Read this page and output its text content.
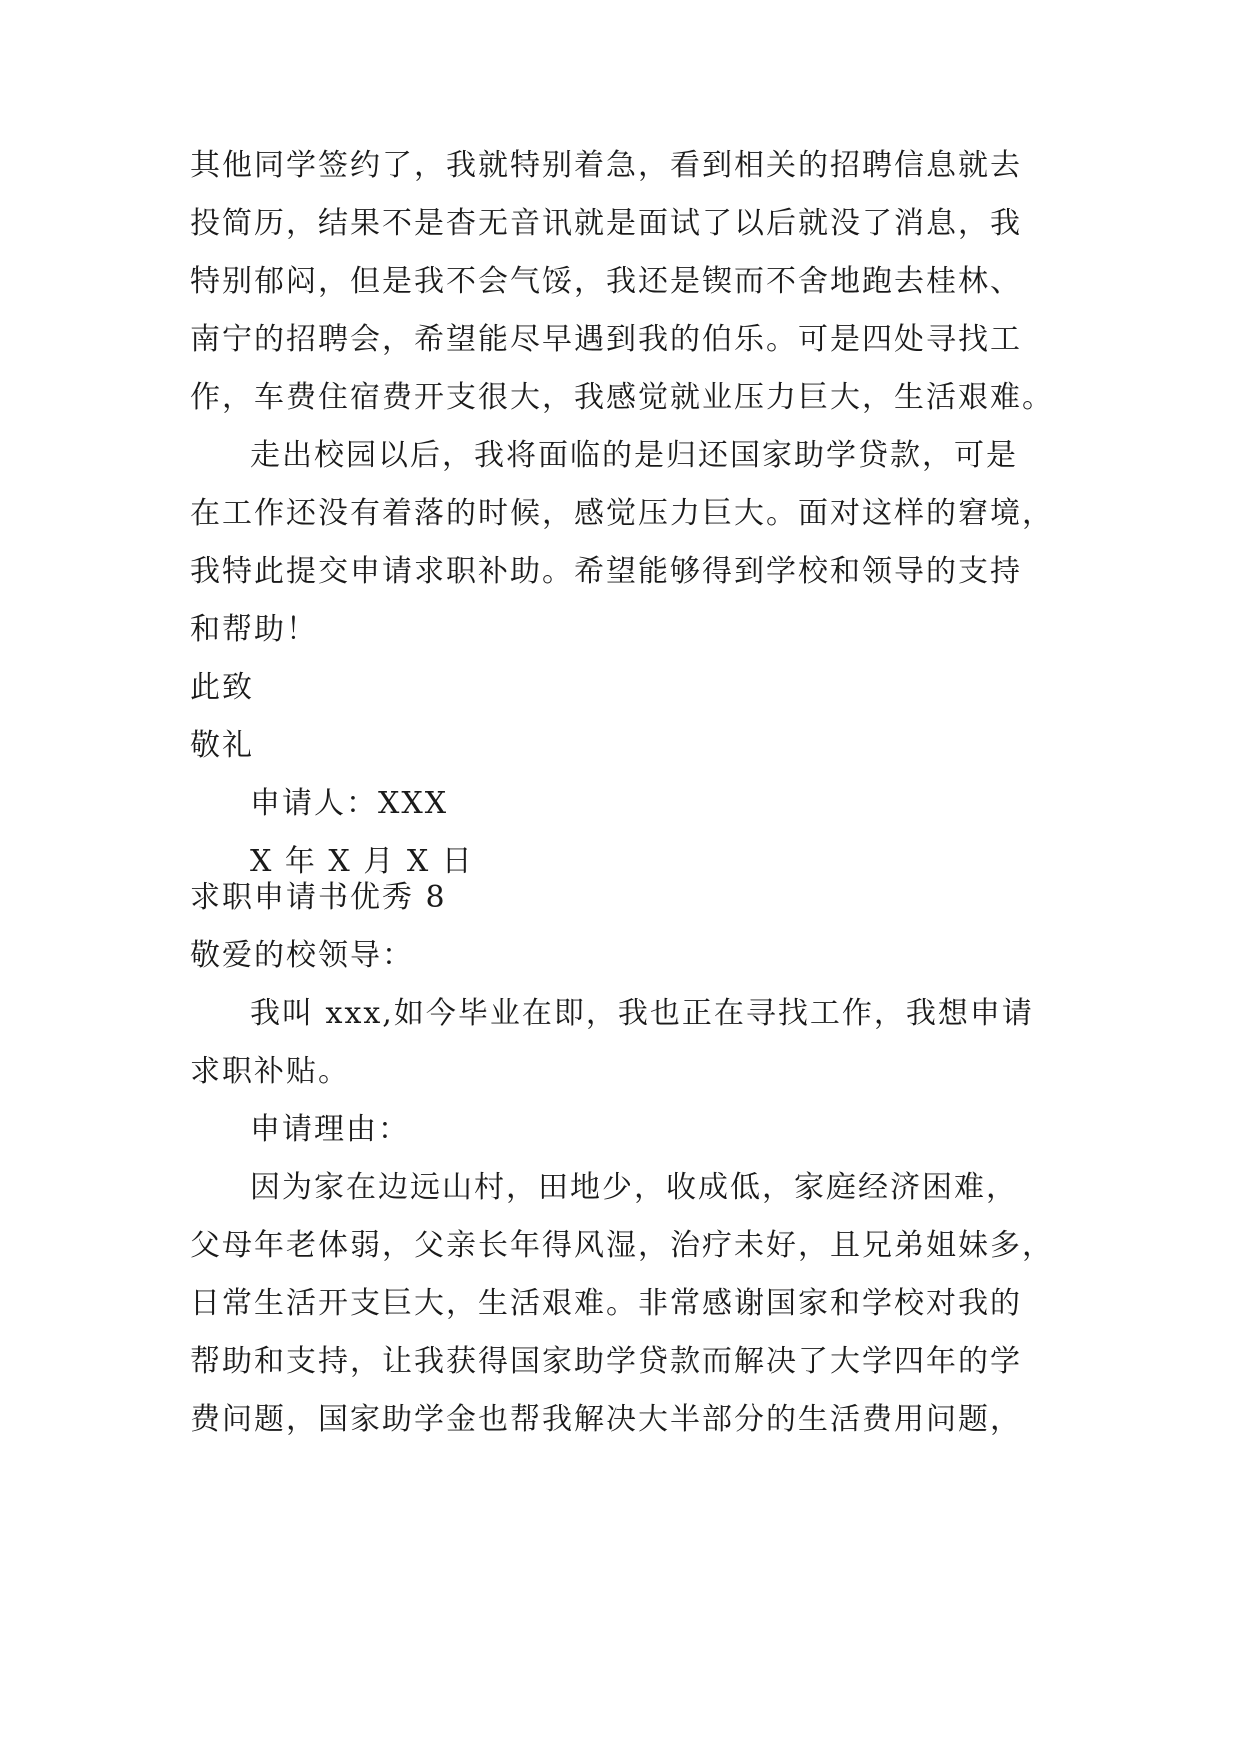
其他同学签约了，我就特别着急，看到相关的招聘信息就去
投简历，结果不是杳无音讯就是面试了以后就没了消息，我
特别郁闷，但是我不会气馁，我还是锲而不舍地跑去桂林、
南宁的招聘会，希望能尽早遇到我的伯乐。可是四处寻找工
作，车费住宿费开支很大，我感觉就业压力巨大，生活艰难。
走出校园以后，我将面临的是归还国家助学贷款，可是
在工作还没有着落的时候，感觉压力巨大。面对这样的窘境，
我特此提交申请求职补助。希望能够得到学校和领导的支持
和帮助！
此致
敬礼
申请人：XXX
X 年 X 月 X 日
求职申请书优秀 8
敬爱的校领导：
我叫 xxx,如今毕业在即，我也正在寻找工作，我想申请
求职补贴。
申请理由：
因为家在边远山村，田地少，收成低，家庭经济困难，
父母年老体弱，父亲长年得风湿，治疗未好，且兄弟姐妹多，
日常生活开支巨大，生活艰难。非常感谢国家和学校对我的
帮助和支持，让我获得国家助学贷款而解决了大学四年的学
费问题，国家助学金也帮我解决大半部分的生活费用问题，
